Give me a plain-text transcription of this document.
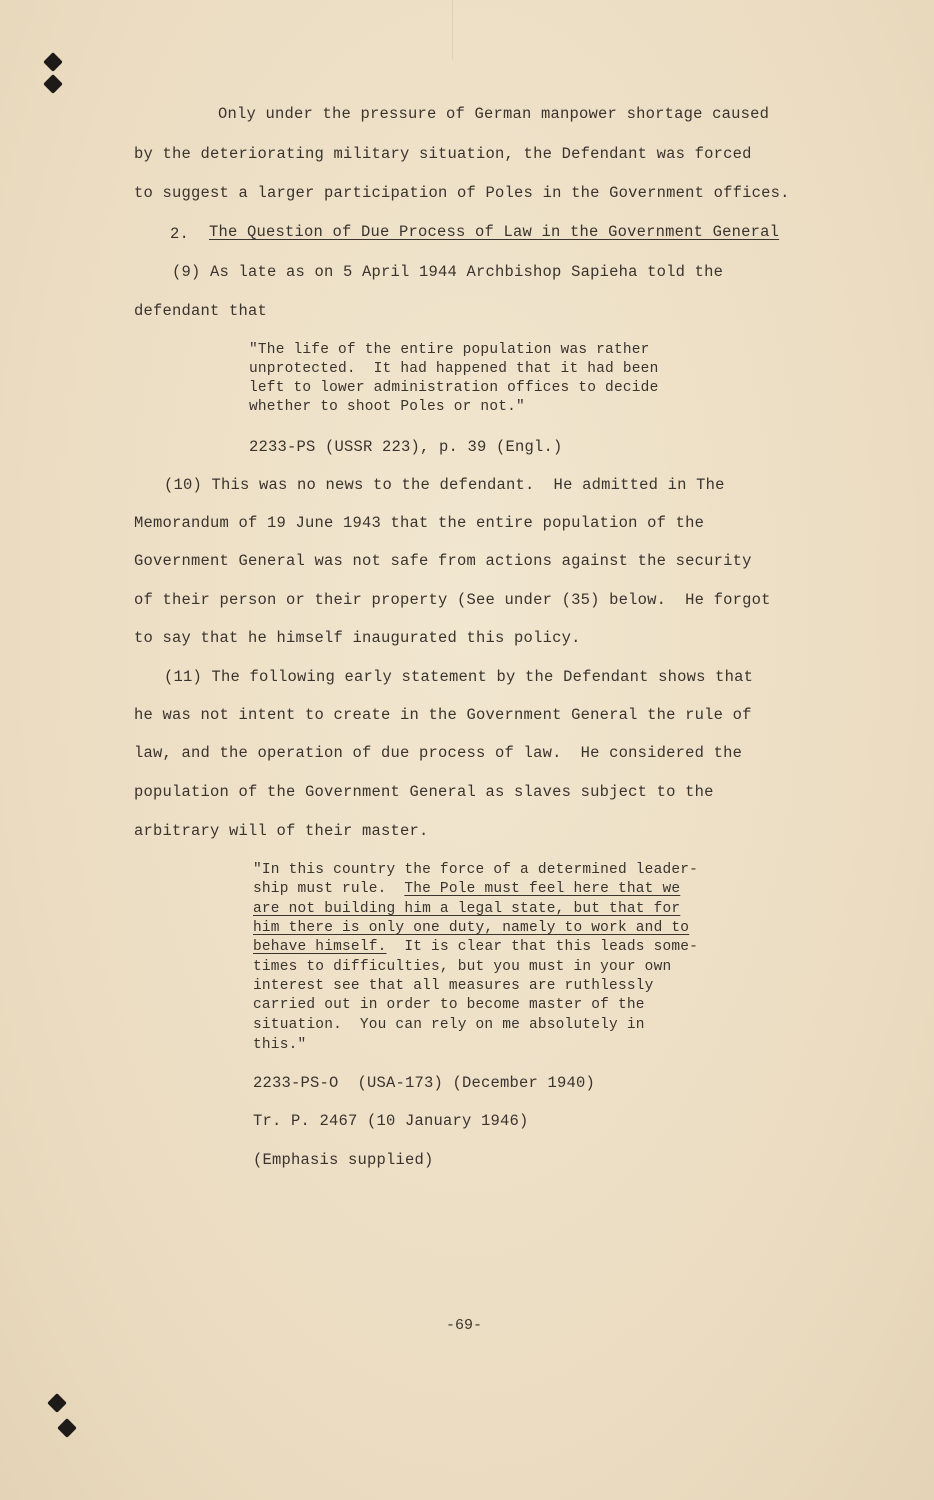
Only under the pressure of German manpower shortage caused
by the deteriorating military situation, the Defendant was forced
to suggest a larger participation of Poles in the Government offices.
2. The Question of Due Process of Law in the Government General
(9) As late as on 5 April 1944 Archbishop Sapieha told the
defendant that
"The life of the entire population was rather
unprotected.  It had happened that it had been
left to lower administration offices to decide
whether to shoot Poles or not."
2233-PS (USSR 223), p. 39 (Engl.)
(10) This was no news to the defendant.  He admitted in The
Memorandum of 19 June 1943 that the entire population of the
Government General was not safe from actions against the security
of their person or their property (See under (35) below.  He forgot
to say that he himself inaugurated this policy.
(11) The following early statement by the Defendant shows that
he was not intent to create in the Government General the rule of
law, and the operation of due process of law.  He considered the
population of the Government General as slaves subject to the
arbitrary will of their master.
"In this country the force of a determined leader-
ship must rule.  The Pole must feel here that we
are not building him a legal state, but that for
him there is only one duty, namely to work and to
behave himself.  It is clear that this leads some-
times to difficulties, but you must in your own
interest see that all measures are ruthlessly
carried out in order to become master of the
situation.  You can rely on me absolutely in
this."
2233-PS-O  (USA-173) (December 1940)
Tr. P. 2467 (10 January 1946)
(Emphasis supplied)
-69-
